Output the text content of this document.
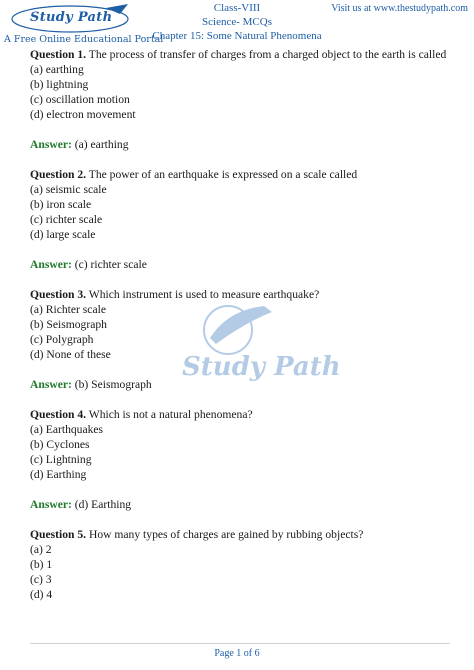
Study Path
A Free Online Educational Portal
Class-VIII
Science- MCQs
Chapter 15: Some Natural Phenomena
Visit us at www.thestudypath.com
Study Path
Question 1. The process of transfer of charges from a charged object to the earth is called
(a) earthing
(b) lightning
(c) oscillation motion
(d) electron movement
Answer: (a) earthing
Question 2. The power of an earthquake is expressed on a scale called
(a) seismic scale
(b) iron scale
(c) richter scale
(d) large scale
Answer: (c) richter scale
Question 3. Which instrument is used to measure earthquake?
(a) Richter scale
(b) Seismograph
(c) Polygraph
(d) None of these
Answer: (b) Seismograph
Question 4. Which is not a natural phenomena?
(a) Earthquakes
(b) Cyclones
(c) Lightning
(d) Earthing
Answer: (d) Earthing
Question 5. How many types of charges are gained by rubbing objects?
(a) 2
(b) 1
(c) 3
(d) 4
Page 1 of 6
